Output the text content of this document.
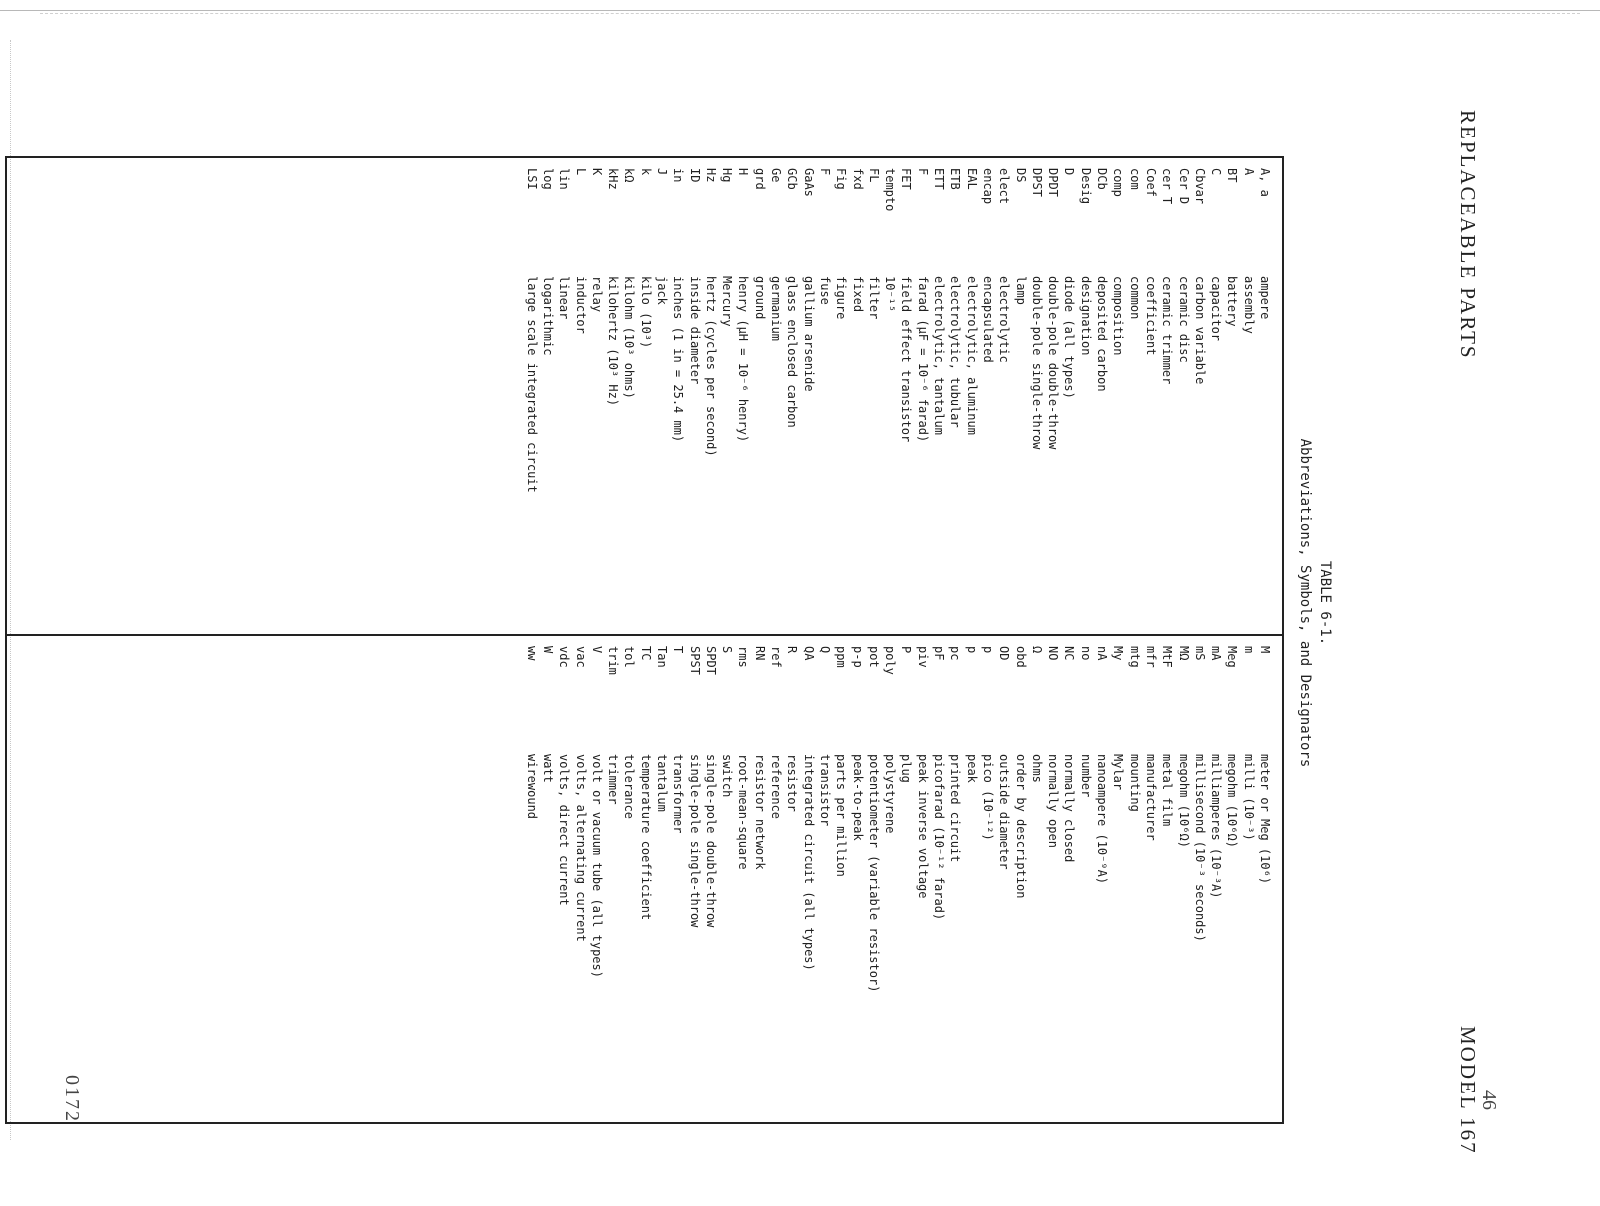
REPLACEABLE PARTS
MODEL 167
TABLE 6-1.
Abbreviations, Symbols, and Designators
A, a
ampere
A
assembly
BT
battery
C
capacitor
Cbvar
carbon variable
Cer D
ceramic disc
cer T
ceramic trimmer
Coef
coefficient
com
common
comp
composition
DCb
deposited carbon
Desig
designation
D
diode (all types)
DPDT
double-pole double-throw
DPST
double-pole single-throw
DS
lamp
elect
electrolytic
encap
encapsulated
EAL
electrolytic, aluminum
ETB
electrolytic, tubular
ETT
electrolytic, tantalum
F
farad (μF = 10⁻⁶ farad)
FET
field effect transistor
tempto
10⁻¹⁵
FL
filter
fxd
fixed
Fig
figure
F
fuse
GaAs
gallium arsenide
GCb
glass enclosed carbon
Ge
germanium
grd
ground
H
henry (μH = 10⁻⁶ henry)
Hg
Mercury
Hz
hertz (cycles per second)
ID
inside diameter
in
inches (1 in = 25.4 mm)
J
jack
k
kilo (10³)
kΩ
kilohm (10³ ohms)
kHz
kilohertz (10³ Hz)
K
relay
L
inductor
lin
linear
log
logarithmic
LSI
large scale integrated circuit
M
meter or Meg (10⁶)
m
milli (10⁻³)
Meg
megohm (10⁶Ω)
mA
milliamperes (10⁻³A)
mS
millisecond (10⁻³ seconds)
MΩ
megohm (10⁶Ω)
MtF
metal film
mfr
manufacturer
mtg
mounting
My
Mylar
nA
nanoampere (10⁻⁹A)
no
number
NC
normally closed
NO
normally open
Ω
ohms
obd
order by description
OD
outside diameter
p
pico (10⁻¹²)
p
peak
pc
printed circuit
pF
picofarad (10⁻¹² farad)
piv
peak inverse voltage
P
plug
poly
polystyrene
pot
potentiometer (variable resistor)
p-p
peak-to-peak
ppm
parts per million
Q
transistor
QA
integrated circuit (all types)
R
resistor
ref
reference
RN
resistor network
rms
root-mean-square
S
switch
SPDT
single-pole double-throw
SPST
single-pole single-throw
T
transformer
Tan
tantalum
TC
temperature coefficient
tol
tolerance
trim
trimmer
V
volt or vacuum tube (all types)
vac
volts, alternating current
vdc
volts, direct current
W
watt
ww
wirewound
0172	46
